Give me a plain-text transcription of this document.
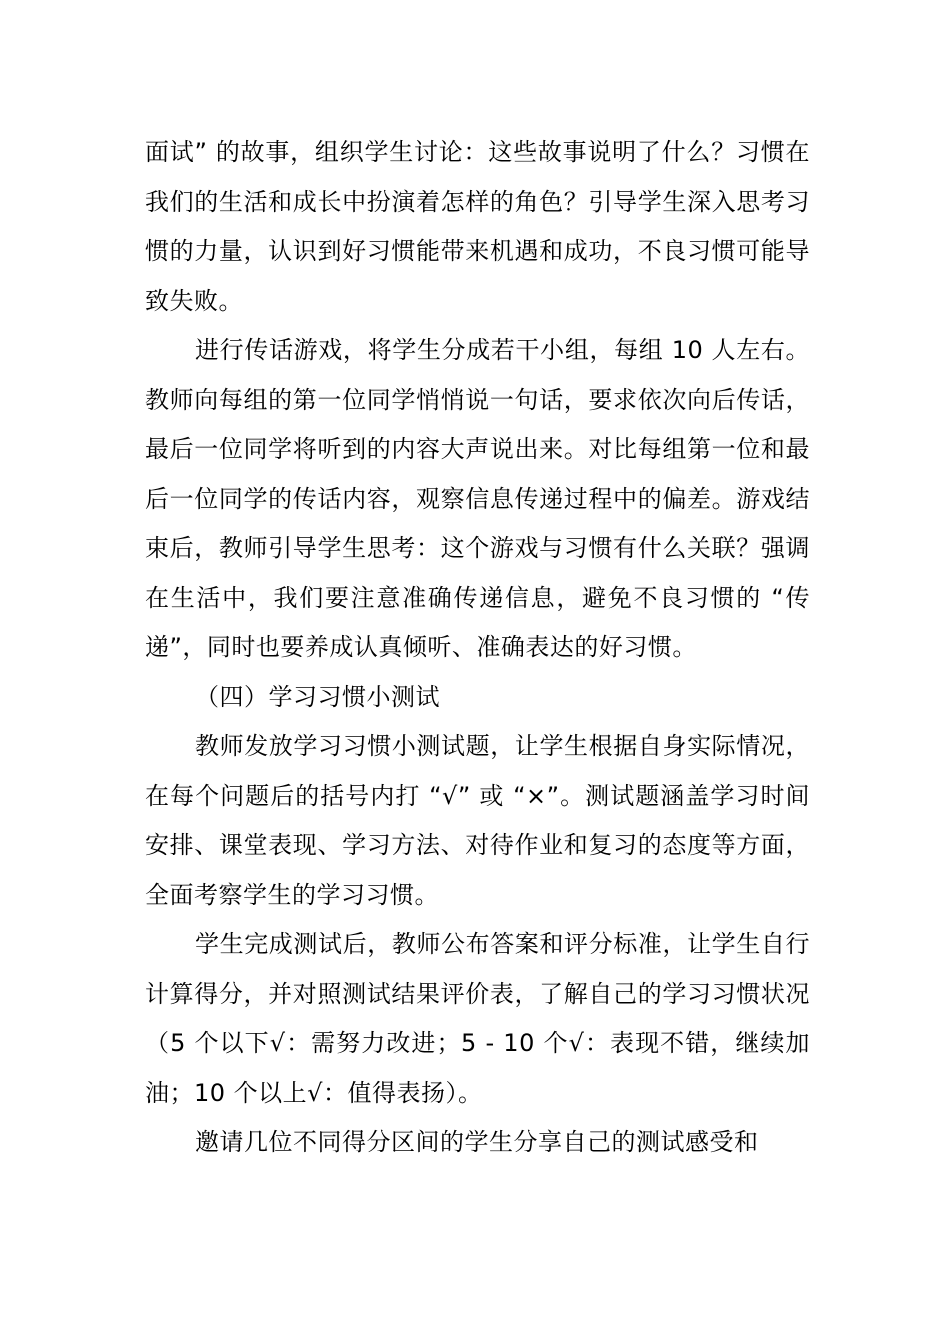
面试” 的故事，组织学生讨论：这些故事说明了什么？习惯在我们的生活和成长中扮演着怎样的角色？引导学生深入思考习惯的力量，认识到好习惯能带来机遇和成功，不良习惯可能导致失败。

进行传话游戏，将学生分成若干小组，每组 10 人左右。教师向每组的第一位同学悄悄说一句话，要求依次向后传话，最后一位同学将听到的内容大声说出来。对比每组第一位和最后一位同学的传话内容，观察信息传递过程中的偏差。游戏结束后，教师引导学生思考：这个游戏与习惯有什么关联？强调在生活中，我们要注意准确传递信息，避免不良习惯的 “传递”，同时也要养成认真倾听、准确表达的好习惯。

（四）学习习惯小测试

教师发放学习习惯小测试题，让学生根据自身实际情况，在每个问题后的括号内打 “√” 或 “×”。测试题涵盖学习时间安排、课堂表现、学习方法、对待作业和复习的态度等方面，全面考察学生的学习习惯。

学生完成测试后，教师公布答案和评分标准，让学生自行计算得分，并对照测试结果评价表，了解自己的学习习惯状况（5 个以下√：需努力改进；5 - 10 个√：表现不错，继续加油；10 个以上√：值得表扬）。

邀请几位不同得分区间的学生分享自己的测试感受和
